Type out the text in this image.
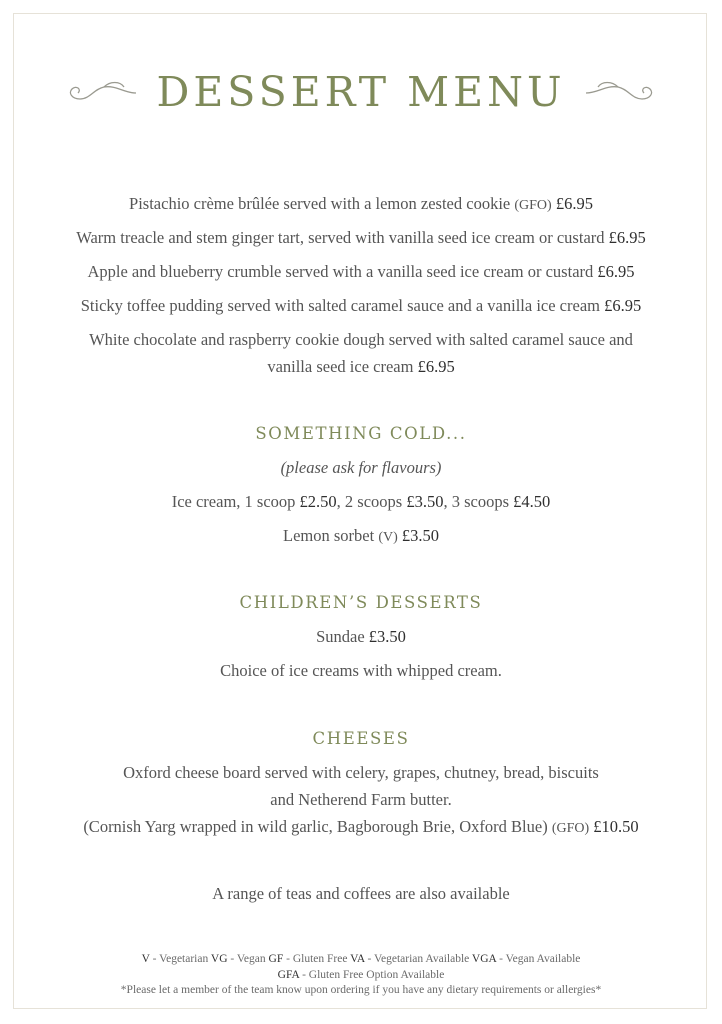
DESSERT MENU
Pistachio crème brûlée served with a lemon zested cookie (GFO) £6.95
Warm treacle and stem ginger tart, served with vanilla seed ice cream or custard £6.95
Apple and blueberry crumble served with a vanilla seed ice cream or custard £6.95
Sticky toffee pudding served with salted caramel sauce and a vanilla ice cream £6.95
White chocolate and raspberry cookie dough served with salted caramel sauce and
vanilla seed ice cream £6.95
SOMETHING COLD...
(please ask for flavours)
Ice cream, 1 scoop £2.50, 2 scoops £3.50, 3 scoops £4.50
Lemon sorbet (V) £3.50
CHILDREN’S DESSERTS
Sundae £3.50
Choice of ice creams with whipped cream.
CHEESES
Oxford cheese board served with celery, grapes, chutney, bread, biscuits
and Netherend Farm butter.
(Cornish Yarg wrapped in wild garlic, Bagborough Brie, Oxford Blue) (GFO) £10.50
A range of teas and coffees are also available
V - Vegetarian VG - Vegan GF - Gluten Free VA - Vegetarian Available VGA - Vegan Available
GFA - Gluten Free Option Available
*Please let a member of the team know upon ordering if you have any dietary requirements or allergies*
